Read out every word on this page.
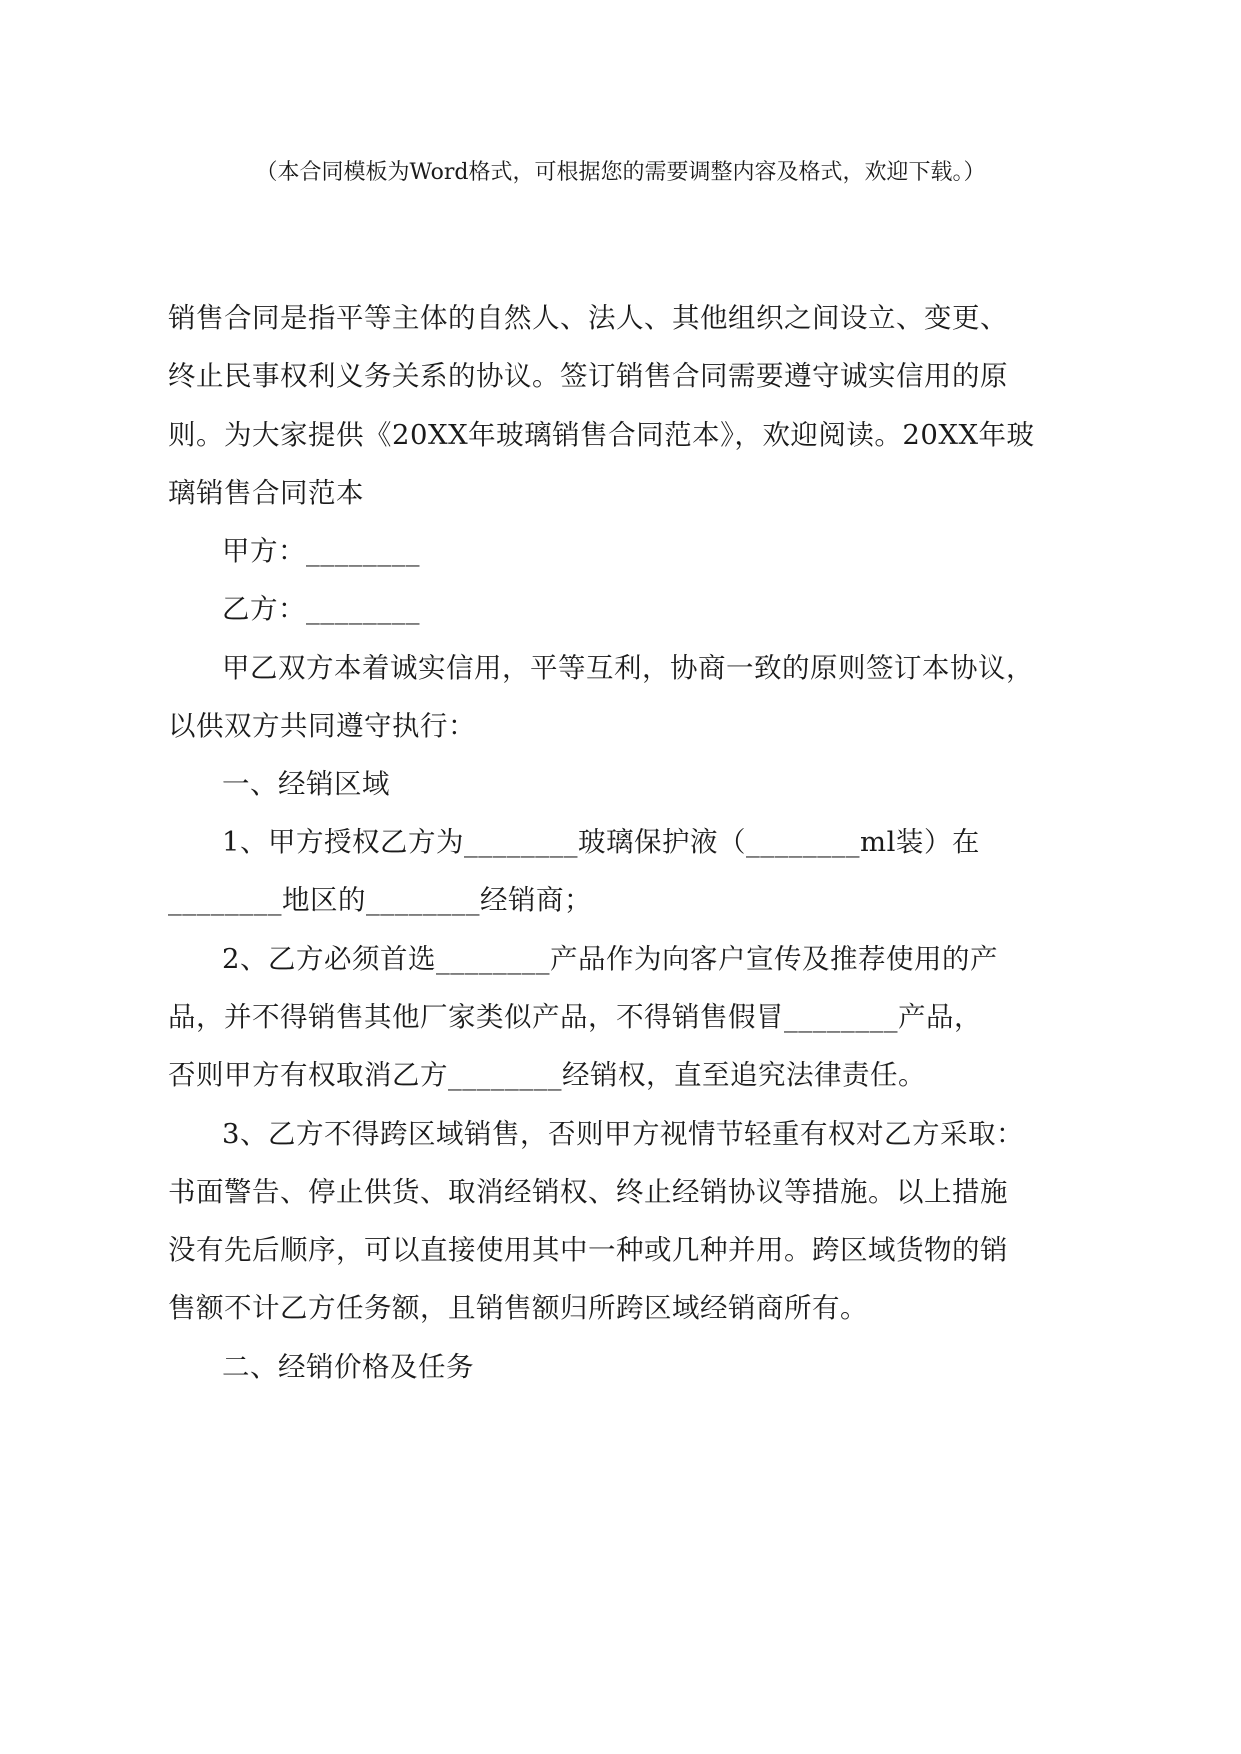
（本合同模板为Word格式，可根据您的需要调整内容及格式，欢迎下载。）
销售合同是指平等主体的自然人、法人、其他组织之间设立、变更、
终止民事权利义务关系的协议。签订销售合同需要遵守诚实信用的原
则。为大家提供《20XX年玻璃销售合同范本》，欢迎阅读。20XX年玻
璃销售合同范本
甲方：________
乙方：________
甲乙双方本着诚实信用，平等互利，协商一致的原则签订本协议，
以供双方共同遵守执行：
一、经销区域
1、甲方授权乙方为________玻璃保护液（________ml装）在
________地区的________经销商；
2、乙方必须首选________产品作为向客户宣传及推荐使用的产
品，并不得销售其他厂家类似产品，不得销售假冒________产品，
否则甲方有权取消乙方________经销权，直至追究法律责任。
3、乙方不得跨区域销售，否则甲方视情节轻重有权对乙方采取：
书面警告、停止供货、取消经销权、终止经销协议等措施。以上措施
没有先后顺序，可以直接使用其中一种或几种并用。跨区域货物的销
售额不计乙方任务额，且销售额归所跨区域经销商所有。
二、经销价格及任务
